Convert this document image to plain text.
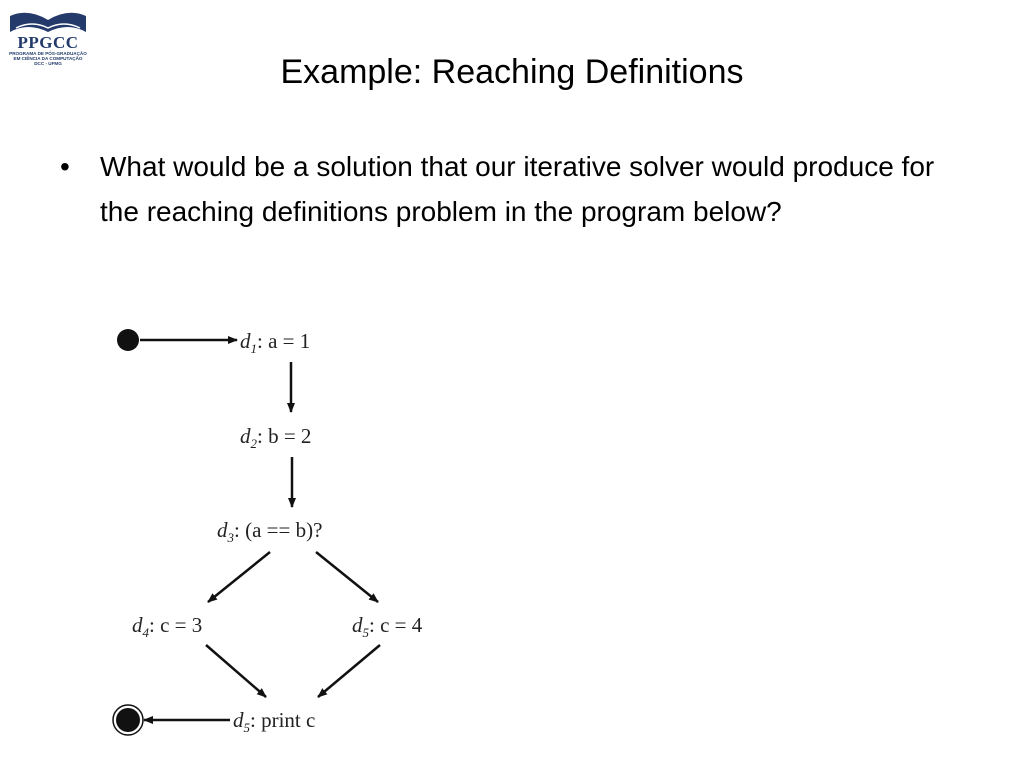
PPGCC
PROGRAMA DE PÓS-GRADUAÇÃO
EM CIÊNCIA DA COMPUTAÇÃO
DCC - UFMG	Example: Reaching Definitions
• What would be a solution that our iterative solver would produce for the reaching definitions problem in the program below?
$d_1$: a = 1
$d_2$: b = 2
$d_3$: (a == b)?
$d_4$: c = 3	$d_5$: c = 4
$d_5$: print c
